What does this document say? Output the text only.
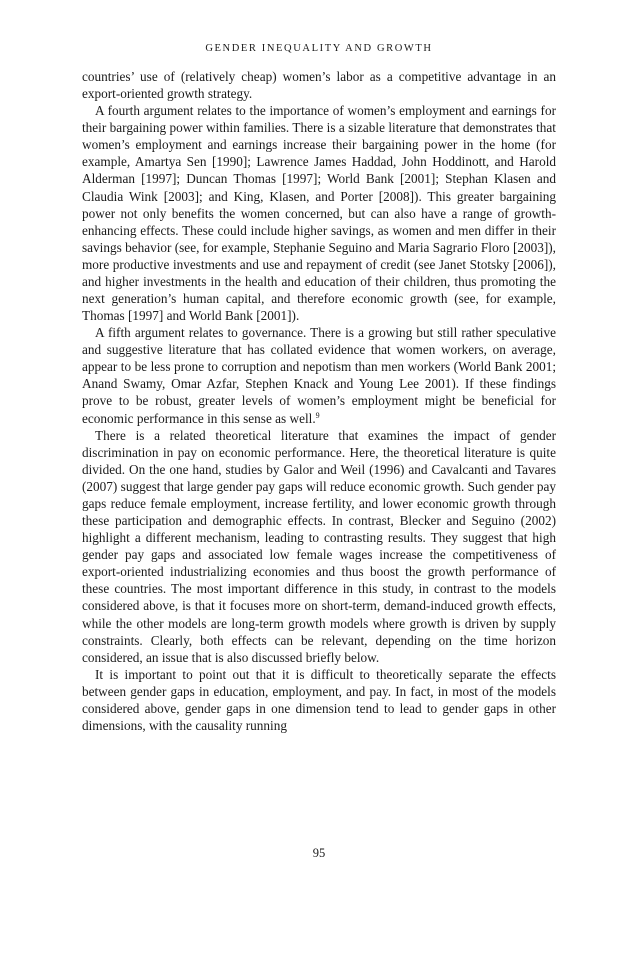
GENDER INEQUALITY AND GROWTH

countries’ use of (relatively cheap) women’s labor as a competitive advantage in an export-oriented growth strategy.

A fourth argument relates to the importance of women’s employment and earnings for their bargaining power within families. There is a sizable literature that demonstrates that women’s employment and earnings increase their bargaining power in the home (for example, Amartya Sen [1990]; Lawrence James Haddad, John Hoddinott, and Harold Alderman [1997]; Duncan Thomas [1997]; World Bank [2001]; Stephan Klasen and Claudia Wink [2003]; and King, Klasen, and Porter [2008]). This greater bargaining power not only benefits the women concerned, but can also have a range of growth-enhancing effects. These could include higher savings, as women and men differ in their savings behavior (see, for example, Stephanie Seguino and Maria Sagrario Floro [2003]), more productive investments and use and repayment of credit (see Janet Stotsky [2006]), and higher investments in the health and education of their children, thus promoting the next generation’s human capital, and therefore economic growth (see, for example, Thomas [1997] and World Bank [2001]).

A fifth argument relates to governance. There is a growing but still rather speculative and suggestive literature that has collated evidence that women workers, on average, appear to be less prone to corruption and nepotism than men workers (World Bank 2001; Anand Swamy, Omar Azfar, Stephen Knack and Young Lee 2001). If these findings prove to be robust, greater levels of women’s employment might be beneficial for economic performance in this sense as well.$^9$

There is a related theoretical literature that examines the impact of gender discrimination in pay on economic performance. Here, the theoretical literature is quite divided. On the one hand, studies by Galor and Weil (1996) and Cavalcanti and Tavares (2007) suggest that large gender pay gaps will reduce economic growth. Such gender pay gaps reduce female employment, increase fertility, and lower economic growth through these participation and demographic effects. In contrast, Blecker and Seguino (2002) highlight a different mechanism, leading to contrasting results. They suggest that high gender pay gaps and associated low female wages increase the competitiveness of export-oriented industrializing economies and thus boost the growth performance of these countries. The most important difference in this study, in contrast to the models considered above, is that it focuses more on short-term, demand-induced growth effects, while the other models are long-term growth models where growth is driven by supply constraints. Clearly, both effects can be relevant, depending on the time horizon considered, an issue that is also discussed briefly below.

It is important to point out that it is difficult to theoretically separate the effects between gender gaps in education, employment, and pay. In fact, in most of the models considered above, gender gaps in one dimension tend to lead to gender gaps in other dimensions, with the causality running

95
